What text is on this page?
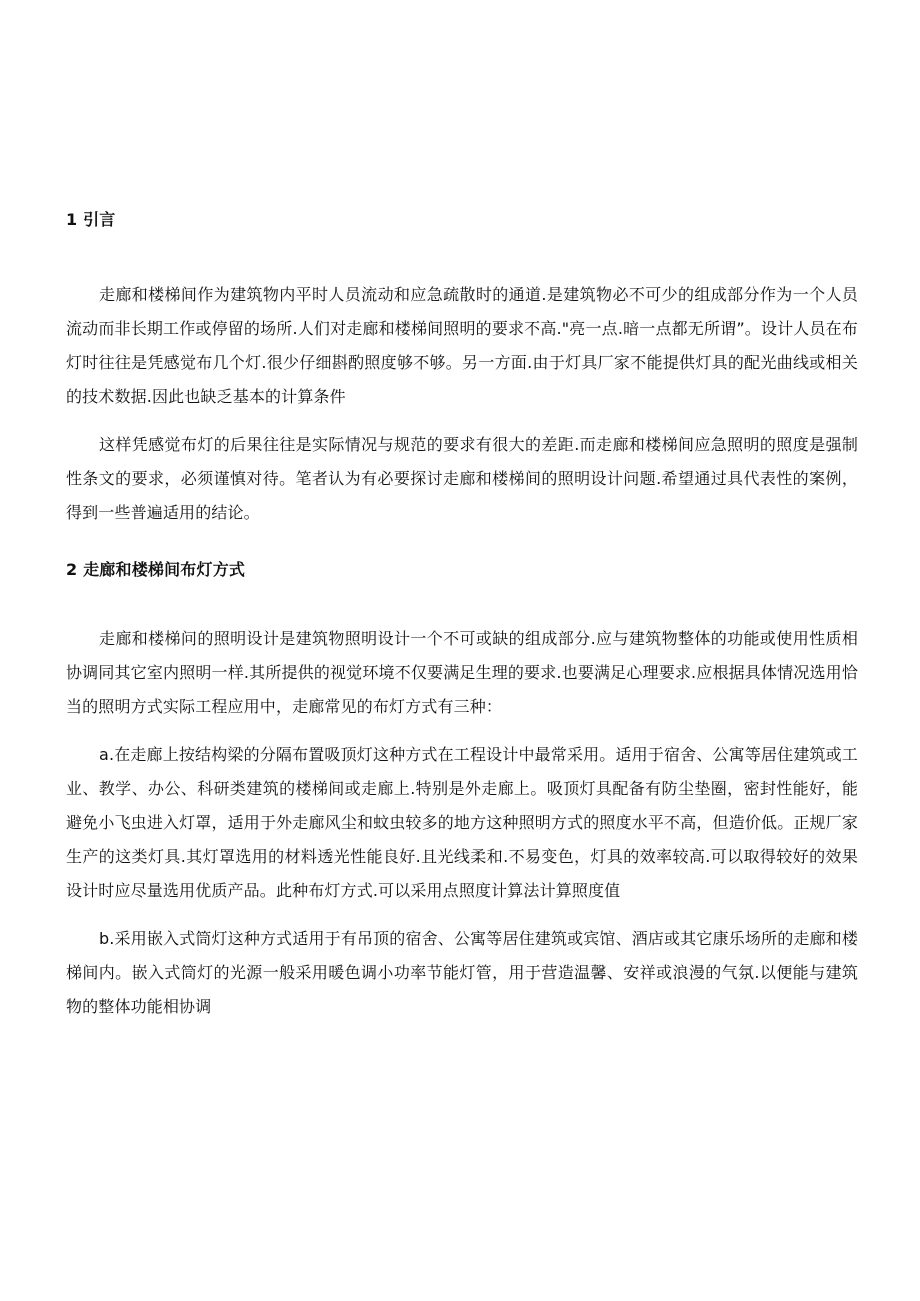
1 引言

走廊和楼梯间作为建筑物内平时人员流动和应急疏散时的通道.是建筑物必不可少的组成部分作为一个人员流动而非长期工作或停留的场所.人们对走廊和楼梯间照明的要求不高."亮一点.暗一点都无所谓”。设计人员在布灯时往往是凭感觉布几个灯.很少仔细斟酌照度够不够。另一方面.由于灯具厂家不能提供灯具的配光曲线或相关的技术数据.因此也缺乏基本的计算条件

这样凭感觉布灯的后果往往是实际情况与规范的要求有很大的差距.而走廊和楼梯间应急照明的照度是强制性条文的要求，必须谨慎对待。笔者认为有必要探讨走廊和楼梯间的照明设计问题.希望通过具代表性的案例，得到一些普遍适用的结论。

2 走廊和楼梯间布灯方式

走廊和楼梯问的照明设计是建筑物照明设计一个不可或缺的组成部分.应与建筑物整体的功能或使用性质相协调同其它室内照明一样.其所提供的视觉环境不仅要满足生理的要求.也要满足心理要求.应根据具体情况选用恰当的照明方式实际工程应用中，走廊常见的布灯方式有三种：

a.在走廊上按结构梁的分隔布置吸顶灯这种方式在工程设计中最常采用。适用于宿舍、公寓等居住建筑或工业、教学、办公、科研类建筑的楼梯间或走廊上.特别是外走廊上。吸顶灯具配备有防尘垫圈，密封性能好，能避免小飞虫进入灯罩，适用于外走廊风尘和蚊虫较多的地方这种照明方式的照度水平不高，但造价低。正规厂家生产的这类灯具.其灯罩选用的材料透光性能良好.且光线柔和.不易变色，灯具的效率较高.可以取得较好的效果设计时应尽量选用优质产品。此种布灯方式.可以采用点照度计算法计算照度值

b.采用嵌入式筒灯这种方式适用于有吊顶的宿舍、公寓等居住建筑或宾馆、酒店或其它康乐场所的走廊和楼梯间内。嵌入式筒灯的光源一般采用暖色调小功率节能灯管，用于营造温馨、安祥或浪漫的气氛.以便能与建筑物的整体功能相协调
